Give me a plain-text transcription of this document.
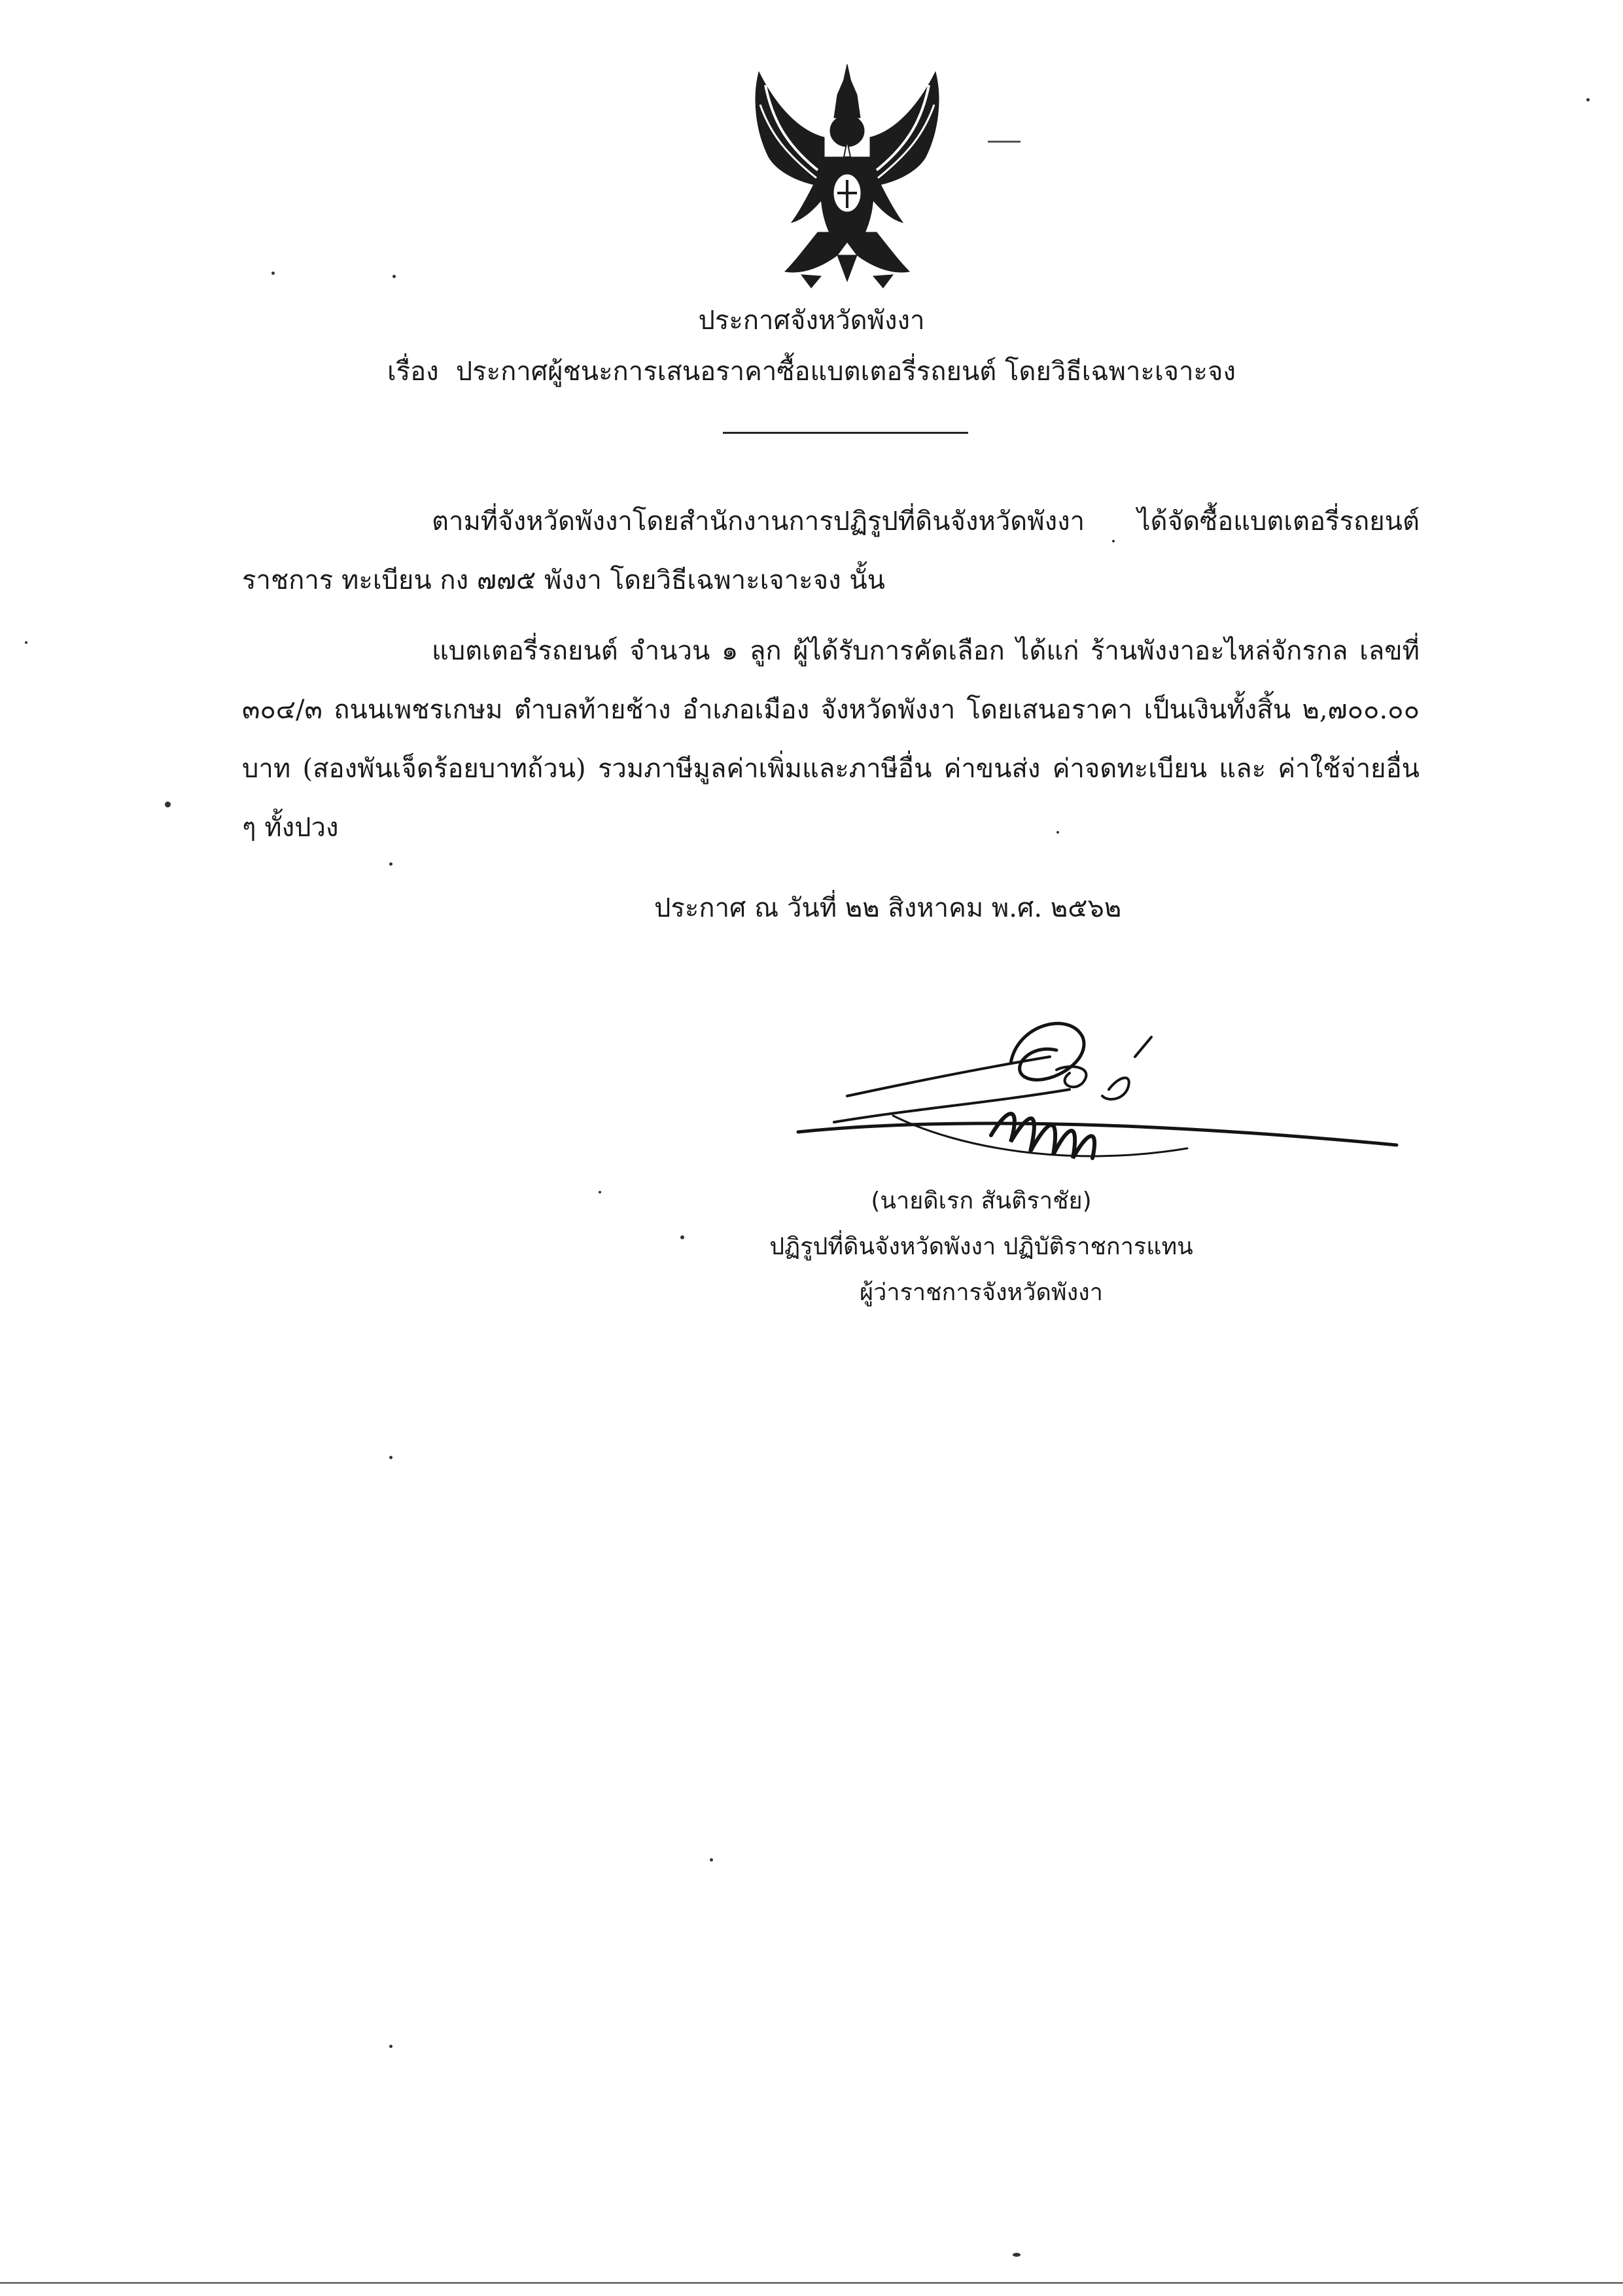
ประกาศจังหวัดพังงา
เรื่อง ประกาศผู้ชนะการเสนอราคาซื้อแบตเตอรี่รถยนต์ โดยวิธีเฉพาะเจาะจง

ตามที่จังหวัดพังงาโดยสำนักงานการปฏิรูปที่ดินจังหวัดพังงา ได้จัดซื้อแบตเตอรี่รถยนต์ ราชการ ทะเบียน กง ๗๗๕ พังงา โดยวิธีเฉพาะเจาะจง นั้น

แบตเตอรี่รถยนต์ จำนวน ๑ ลูก ผู้ได้รับการคัดเลือก ได้แก่ ร้านพังงาอะไหล่จักรกล เลขที่ ๓๐๔/๓ ถนนเพชรเกษม ตำบลท้ายช้าง อำเภอเมือง จังหวัดพังงา โดยเสนอราคา เป็นเงินทั้งสิ้น ๒,๗๐๐.๐๐ บาท (สองพันเจ็ดร้อยบาทถ้วน) รวมภาษีมูลค่าเพิ่มและภาษีอื่น ค่าขนส่ง ค่าจดทะเบียน และ ค่าใช้จ่ายอื่น ๆ ทั้งปวง

ประกาศ ณ วันที่ ๒๒ สิงหาคม พ.ศ. ๒๕๖๒
(นายดิเรก สันติราชัย)
ปฏิรูปที่ดินจังหวัดพังงา ปฏิบัติราชการแทน
ผู้ว่าราชการจังหวัดพังงา
